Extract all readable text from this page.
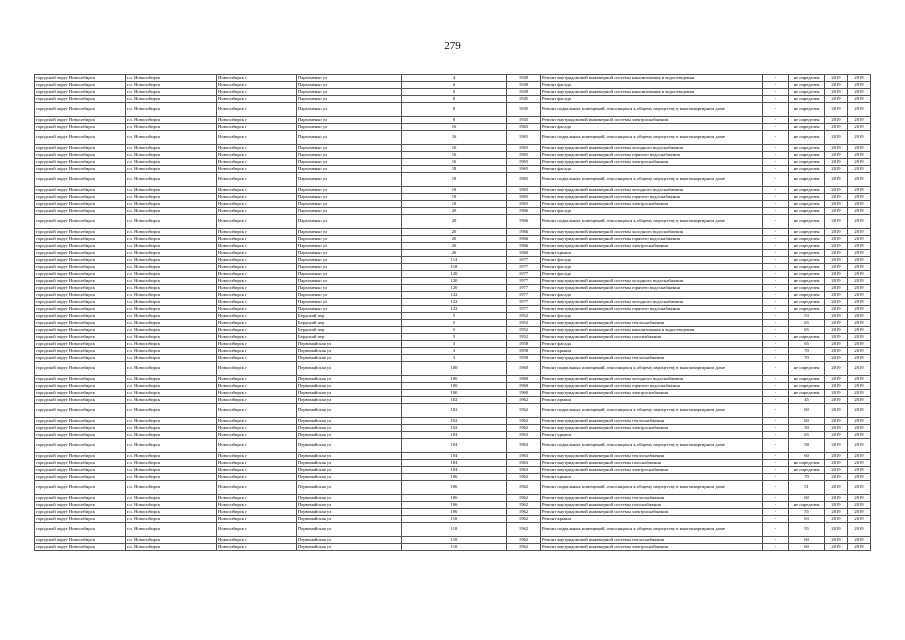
279
городской округ Новосибирск	г.о. Новосибирск	Новосибирск г	Пархоменко ул	4	1949	Ремонт внутридомовой инженерной системы канализования и водоотведения	-	не определен	2019	2019
городской округ Новосибирск	г.о. Новосибирск	Новосибирск г	Пархоменко ул	6	1949	Ремонт фасада	-	не определен	2019	2019
городской округ Новосибирск	г.о. Новосибирск	Новосибирск г	Пархоменко ул	6	1949	Ремонт внутридомовой инженерной системы канализования и водоотведения	-	не определен	2019	2019
городской округ Новосибирск	г.о. Новосибирск	Новосибирск г	Пархоменко ул	8	1945	Ремонт фасада	-	не определен	2019	2019
городской округ Новосибирск	г.о. Новосибирск	Новосибирск г	Пархоменко ул	8	1945	Ремонт подвальных помещений, относящихся к общему имуществу в многоквартирном доме	-	не определен	2019	2019
городской округ Новосибирск	г.о. Новосибирск	Новосибирск г	Пархоменко ул	8	1945	Ремонт внутридомовой инженерной системы электроснабжения	-	не определен	2019	2019
городской округ Новосибирск	г.о. Новосибирск	Новосибирск г	Пархоменко ул	16	1965	Ремонт фасада	-	не определен	2019	2019
городской округ Новосибирск	г.о. Новосибирск	Новосибирск г	Пархоменко ул	16	1965	Ремонт подвальных помещений, относящихся к общему имуществу в многоквартирном доме	-	не определен	2019	2019
городской округ Новосибирск	г.о. Новосибирск	Новосибирск г	Пархоменко ул	16	1965	Ремонт внутридомовой инженерной системы холодного водоснабжения	-	не определен	2019	2019
городской округ Новосибирск	г.о. Новосибирск	Новосибирск г	Пархоменко ул	16	1965	Ремонт внутридомовой инженерной системы горячего водоснабжения	-	не определен	2019	2019
городской округ Новосибирск	г.о. Новосибирск	Новосибирск г	Пархоменко ул	16	1965	Ремонт внутридомовой инженерной системы электроснабжения	-	не определен	2019	2019
городской округ Новосибирск	г.о. Новосибирск	Новосибирск г	Пархоменко ул	18	1965	Ремонт фасада	-	не определен	2019	2019
городской округ Новосибирск	г.о. Новосибирск	Новосибирск г	Пархоменко ул	18	1965	Ремонт подвальных помещений, относящихся к общему имуществу в многоквартирном доме	-	не определен	2019	2019
городской округ Новосибирск	г.о. Новосибирск	Новосибирск г	Пархоменко ул	18	1965	Ремонт внутридомовой инженерной системы холодного водоснабжения	-	не определен	2019	2019
городской округ Новосибирск	г.о. Новосибирск	Новосибирск г	Пархоменко ул	18	1965	Ремонт внутридомовой инженерной системы горячего водоснабжения	-	не определен	2019	2019
городской округ Новосибирск	г.о. Новосибирск	Новосибирск г	Пархоменко ул	18	1965	Ремонт внутридомовой инженерной системы электроснабжения	-	не определен	2019	2019
городской округ Новосибирск	г.о. Новосибирск	Новосибирск г	Пархоменко ул	20	1966	Ремонт фасада	-	не определен	2019	2019
городской округ Новосибирск	г.о. Новосибирск	Новосибирск г	Пархоменко ул	20	1966	Ремонт подвальных помещений, относящихся к общему имуществу в многоквартирном доме	-	не определен	2019	2019
городской округ Новосибирск	г.о. Новосибирск	Новосибирск г	Пархоменко ул	20	1966	Ремонт внутридомовой инженерной системы холодного водоснабжения	-	не определен	2019	2019
городской округ Новосибирск	г.о. Новосибирск	Новосибирск г	Пархоменко ул	20	1966	Ремонт внутридомовой инженерной системы горячего водоснабжения	-	не определен	2019	2019
городской округ Новосибирск	г.о. Новосибирск	Новосибирск г	Пархоменко ул	20	1966	Ремонт внутридомовой инженерной системы электроснабжения	-	не определен	2019	2019
городской округ Новосибирск	г.о. Новосибирск	Новосибирск г	Пархоменко ул	26	1960	Ремонт крыши	-	не определен	2019	2019
городской округ Новосибирск	г.о. Новосибирск	Новосибирск г	Пархоменко ул	114	1977	Ремонт фасада	-	не определен	2019	2019
городской округ Новосибирск	г.о. Новосибирск	Новосибирск г	Пархоменко ул	118	1977	Ремонт фасада	-	не определен	2019	2019
городской округ Новосибирск	г.о. Новосибирск	Новосибирск г	Пархоменко ул	120	1977	Ремонт фасада	-	не определен	2019	2019
городской округ Новосибирск	г.о. Новосибирск	Новосибирск г	Пархоменко ул	120	1977	Ремонт внутридомовой инженерной системы холодного водоснабжения	-	не определен	2019	2019
городской округ Новосибирск	г.о. Новосибирск	Новосибирск г	Пархоменко ул	120	1977	Ремонт внутридомовой инженерной системы горячего водоснабжения	-	не определен	2019	2019
городской округ Новосибирск	г.о. Новосибирск	Новосибирск г	Пархоменко ул	122	1977	Ремонт фасада	-	не определен	2019	2019
городской округ Новосибирск	г.о. Новосибирск	Новосибирск г	Пархоменко ул	122	1977	Ремонт внутридомовой инженерной системы холодного водоснабжения	-	не определен	2019	2019
городской округ Новосибирск	г.о. Новосибирск	Новосибирск г	Пархоменко ул	122	1977	Ремонт внутридомовой инженерной системы горячего водоснабжения	-	не определен	2019	2019
городской округ Новосибирск	г.о. Новосибирск	Новосибирск г	Бердский пер	5	1952	Ремонт фасада	-	53	2019	2019
городской округ Новосибирск	г.о. Новосибирск	Новосибирск г	Бердский пер	5	1952	Ремонт внутридомовой инженерной системы теплоснабжения	-	65	2019	2019
городской округ Новосибирск	г.о. Новосибирск	Новосибирск г	Бердский пер	5	1952	Ремонт внутридомовой инженерной системы канализования и водоотведения	-	65	2019	2019
городской округ Новосибирск	г.о. Новосибирск	Новосибирск г	Бердский пер	5	1952	Ремонт внутридомовой инженерной системы газоснабжения	-	не определен	2019	2019
городской округ Новосибирск	г.о. Новосибирск	Новосибирск г	Первомайская ул	3	1958	Ремонт фасада	-	65	2019	2019
городской округ Новосибирск	г.о. Новосибирск	Новосибирск г	Первомайская ул	3	1958	Ремонт крыши	-	70	2019	2019
городской округ Новосибирск	г.о. Новосибирск	Новосибирск г	Первомайская ул	3	1958	Ремонт внутридомовой инженерной системы теплоснабжения	-	70	2019	2019
городской округ Новосибирск	г.о. Новосибирск	Новосибирск г	Первомайская ул	100	1960	Ремонт подвальных помещений, относящихся к общему имуществу в многоквартирном доме	-	не определен	2019	2019
городской округ Новосибирск	г.о. Новосибирск	Новосибирск г	Первомайская ул	100	1960	Ремонт внутридомовой инженерной системы холодного водоснабжения	-	не определен	2019	2019
городской округ Новосибирск	г.о. Новосибирск	Новосибирск г	Первомайская ул	100	1960	Ремонт внутридомовой инженерной системы горячего водоснабжения	-	не определен	2019	2019
городской округ Новосибирск	г.о. Новосибирск	Новосибирск г	Первомайская ул	100	1960	Ремонт внутридомовой инженерной системы электроснабжения	-	не определен	2019	2019
городской округ Новосибирск	г.о. Новосибирск	Новосибирск г	Первомайская ул	102	1962	Ремонт крыши	-	45	2019	2019
городской округ Новосибирск	г.о. Новосибирск	Новосибирск г	Первомайская ул	102	1962	Ремонт подвальных помещений, относящихся к общему имуществу в многоквартирном доме	-	60	2019	2019
городской округ Новосибирск	г.о. Новосибирск	Новосибирск г	Первомайская ул	102	1962	Ремонт внутридомовой инженерной системы теплоснабжения	-	60	2019	2019
городской округ Новосибирск	г.о. Новосибирск	Новосибирск г	Первомайская ул	102	1962	Ремонт внутридомовой инженерной системы электроснабжения	-	50	2019	2019
городской округ Новосибирск	г.о. Новосибирск	Новосибирск г	Первомайская ул	104	1963	Ремонт крыши	-	65	2019	2019
городской округ Новосибирск	г.о. Новосибирск	Новосибирск г	Первомайская ул	104	1963	Ремонт подвальных помещений, относящихся к общему имуществу в многоквартирном доме	-	58	2019	2019
городской округ Новосибирск	г.о. Новосибирск	Новосибирск г	Первомайская ул	104	1963	Ремонт внутридомовой инженерной системы теплоснабжения	-	60	2019	2019
городской округ Новосибирск	г.о. Новосибирск	Новосибирск г	Первомайская ул	104	1963	Ремонт внутридомовой инженерной системы газоснабжения	-	не определен	2019	2019
городской округ Новосибирск	г.о. Новосибирск	Новосибирск г	Первомайская ул	104	1963	Ремонт внутридомовой инженерной системы электроснабжения	-	не определен	2019	2019
городской округ Новосибирск	г.о. Новосибирск	Новосибирск г	Первомайская ул	106	1962	Ремонт крыши	-	70	2019	2019
городской округ Новосибирск	г.о. Новосибирск	Новосибирск г	Первомайская ул	106	1962	Ремонт подвальных помещений, относящихся к общему имуществу в многоквартирном доме	-	51	2019	2019
городской округ Новосибирск	г.о. Новосибирск	Новосибирск г	Первомайская ул	106	1962	Ремонт внутридомовой инженерной системы теплоснабжения	-	60	2019	2019
городской округ Новосибирск	г.о. Новосибирск	Новосибирск г	Первомайская ул	106	1962	Ремонт внутридомовой инженерной системы газоснабжения	-	не определен	2019	2019
городской округ Новосибирск	г.о. Новосибирск	Новосибирск г	Первомайская ул	106	1962	Ремонт внутридомовой инженерной системы электроснабжения	-	55	2019	2019
городской округ Новосибирск	г.о. Новосибирск	Новосибирск г	Первомайская ул	110	1962	Ремонт крыши	-	63	2019	2019
городской округ Новосибирск	г.о. Новосибирск	Новосибирск г	Первомайская ул	110	1962	Ремонт подвальных помещений, относящихся к общему имуществу в многоквартирном доме	-	55	2019	2019
городской округ Новосибирск	г.о. Новосибирск	Новосибирск г	Первомайская ул	110	1962	Ремонт внутридомовой инженерной системы теплоснабжения	-	60	2019	2019
городской округ Новосибирск	г.о. Новосибирск	Новосибирск г	Первомайская ул	110	1962	Ремонт внутридомовой инженерной системы электроснабжения	-	60	2019	2019
